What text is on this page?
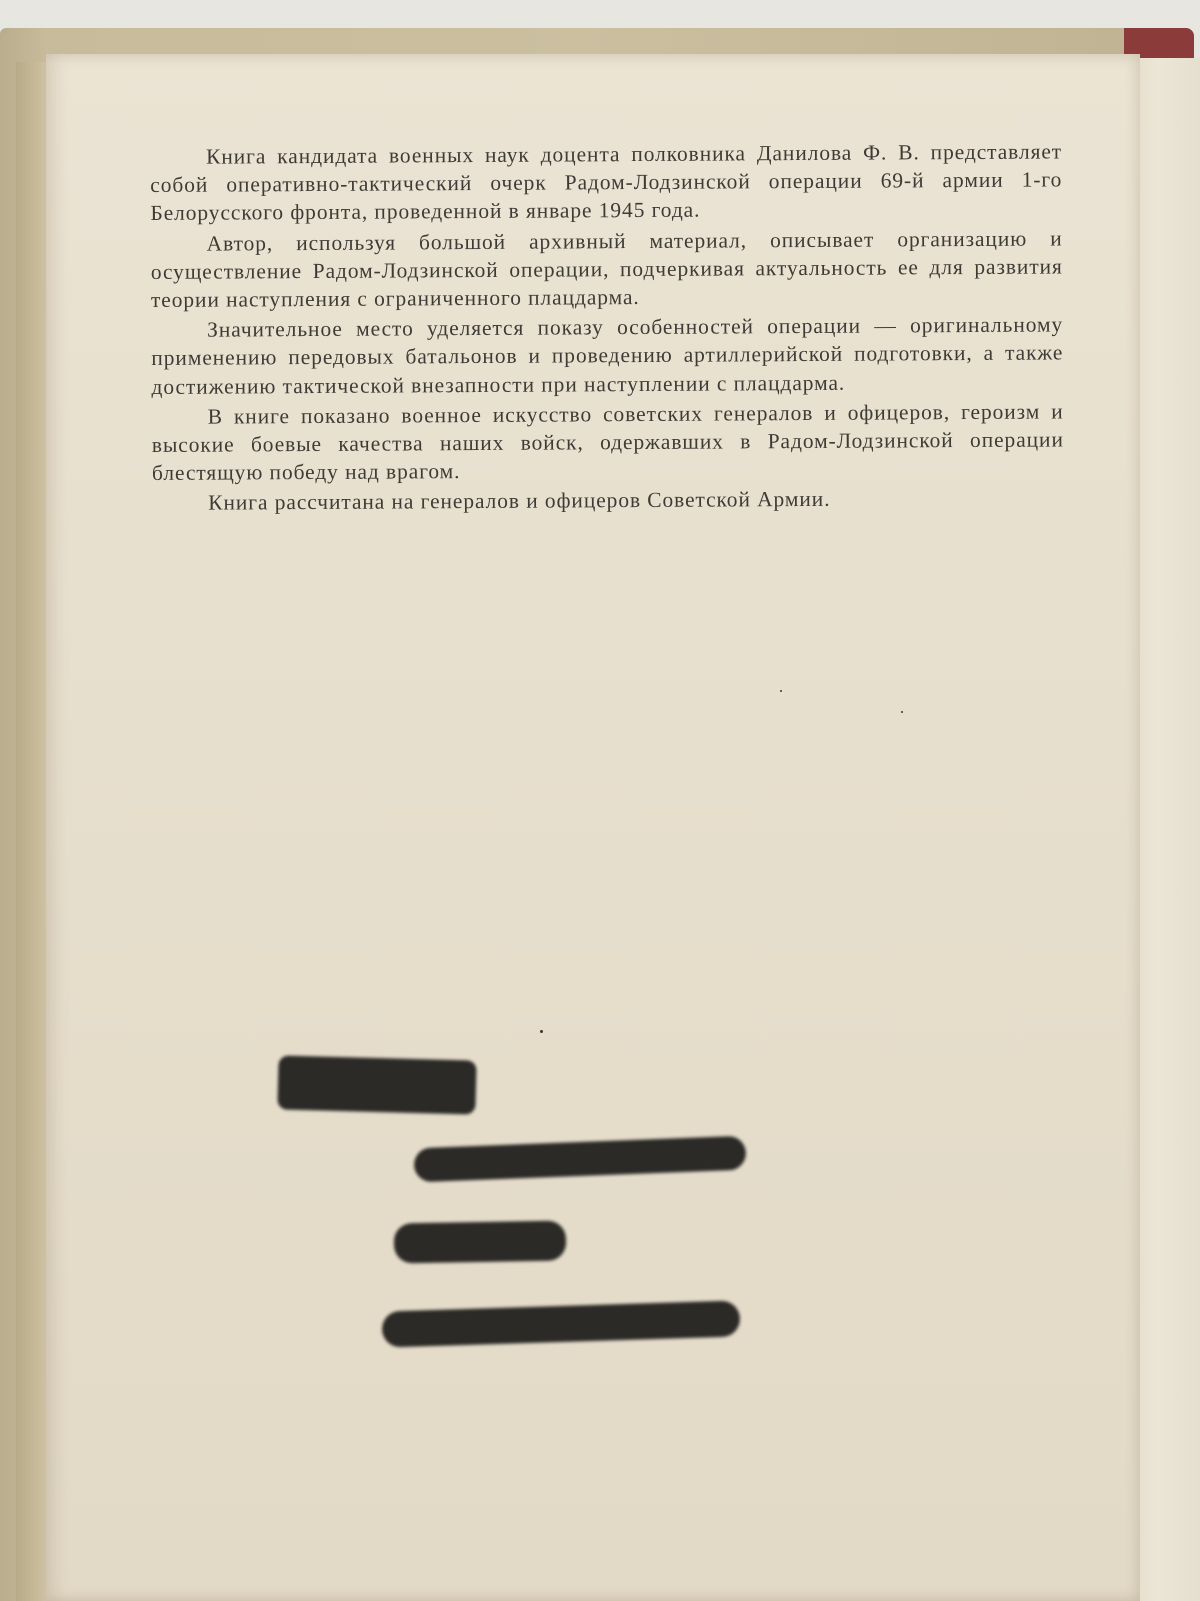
Книга кандидата военных наук доцента полковника Данилова Ф. В. представляет собой оперативно-тактический очерк Радом-Лодзинской операции 69-й армии 1-го Белорусского фронта, проведенной в январе 1945 года.

Автор, используя большой архивный материал, описывает организацию и осуществление Радом-Лодзинской операции, подчеркивая актуальность ее для развития теории наступления с ограниченного плацдарма.

Значительное место уделяется показу особенностей операции — оригинальному применению передовых батальонов и проведению артиллерийской подготовки, а также достижению тактической внезапности при наступлении с плацдарма.

В книге показано военное искусство советских генералов и офицеров, героизм и высокие боевые качества наших войск, одержавших в Радом-Лодзинской операции блестящую победу над врагом.

Книга рассчитана на генералов и офицеров Советской Армии.
